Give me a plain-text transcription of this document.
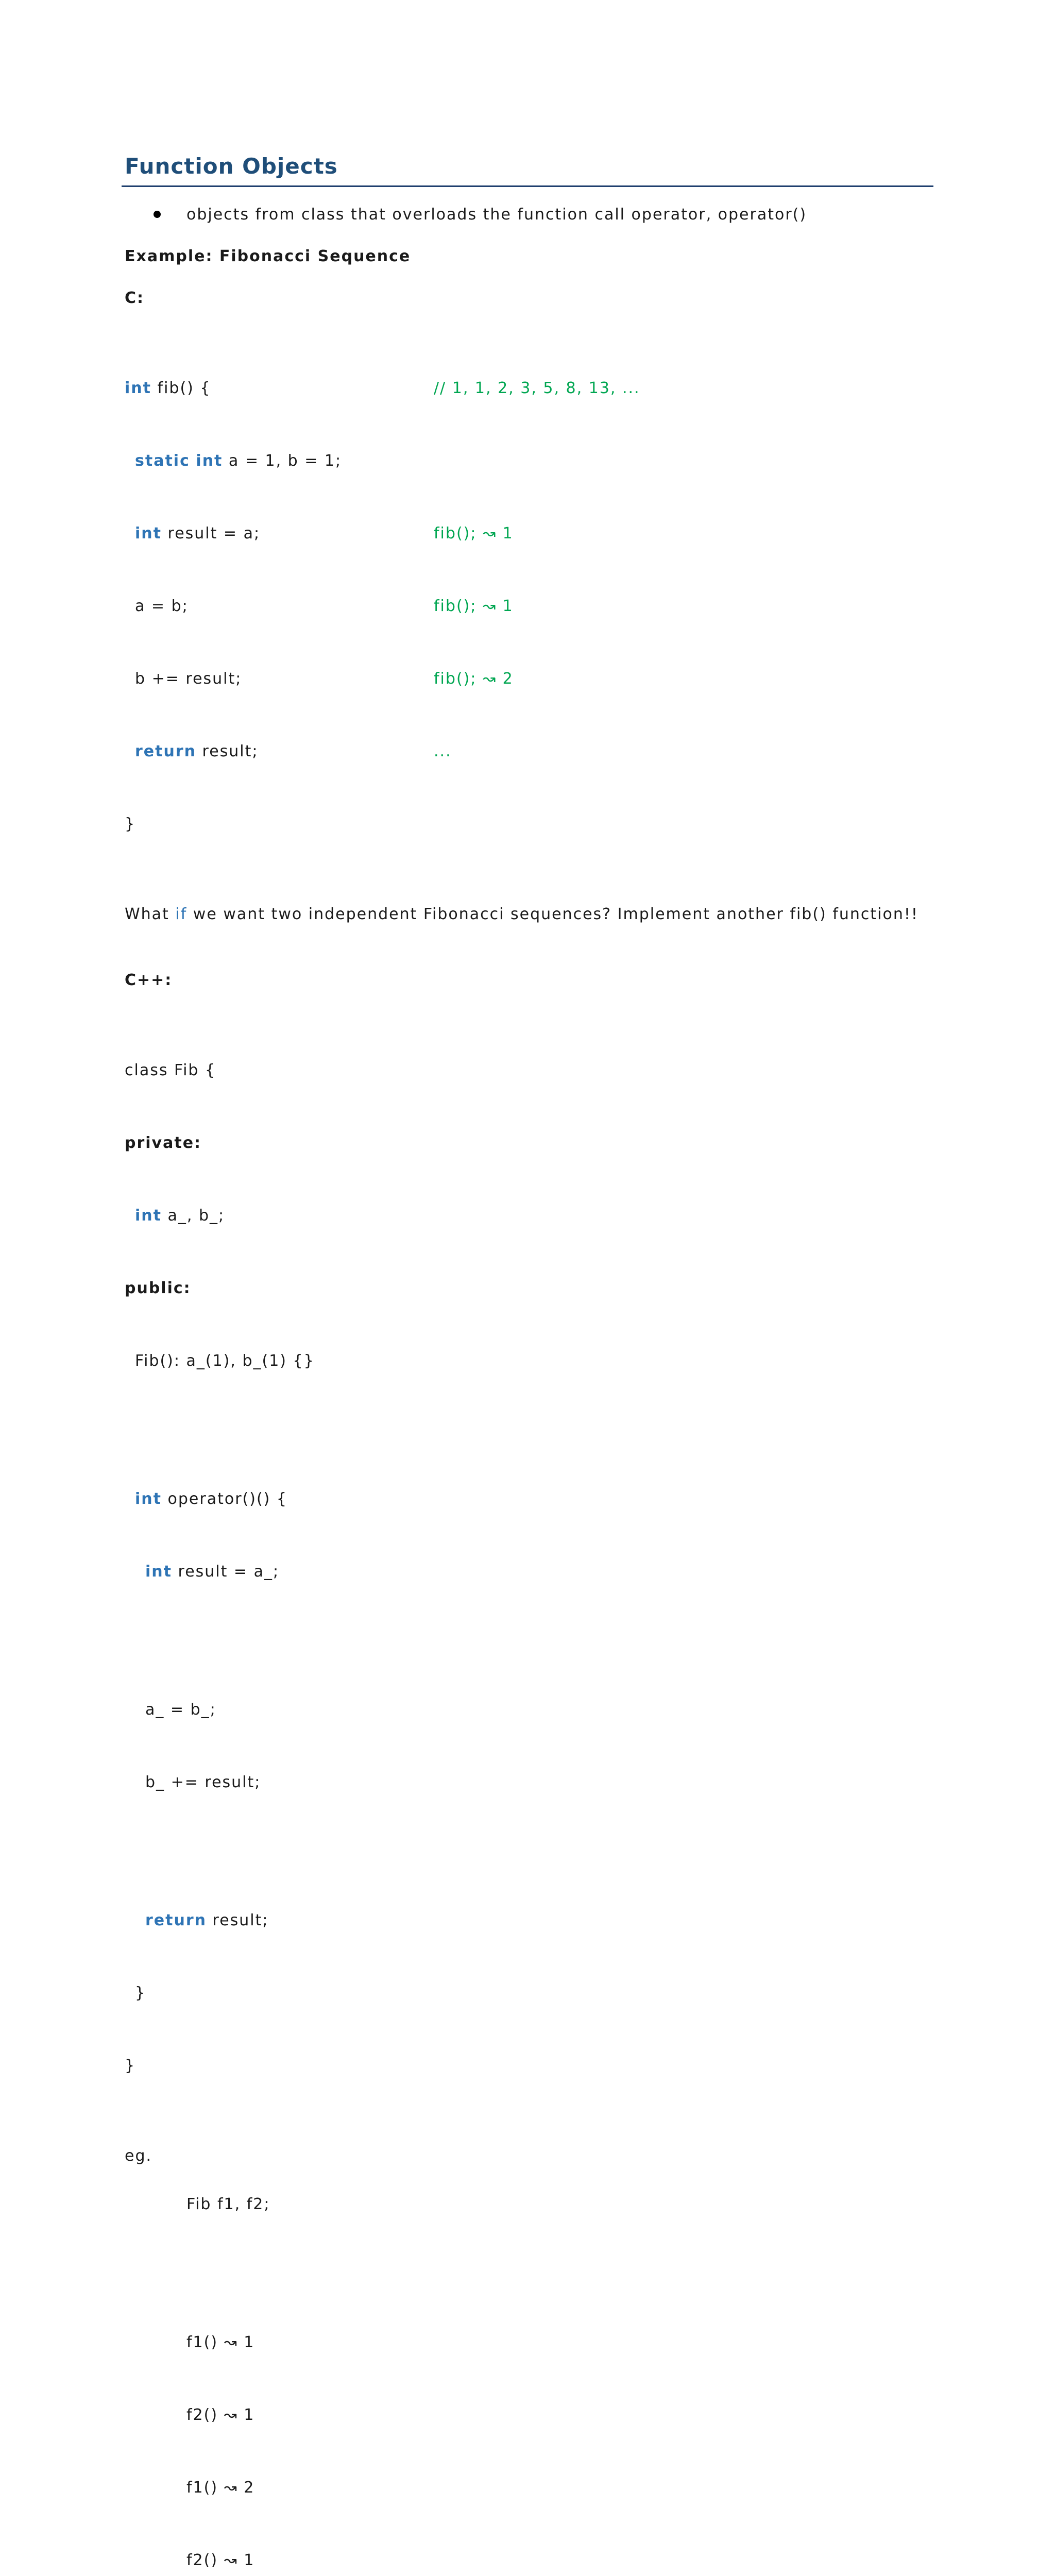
Function Objects
objects from class that overloads the function call operator, operator()
Example: Fibonacci Sequence
C:

int fib() {

static int a = 1, b = 1;

int result = a;

a = b;

b += result;

return result;

}

// 1, 1, 2, 3, 5, 8, 13, ...

fib(); ↝ 1

fib(); ↝ 1

fib(); ↝ 2

...

What if we want two independent Fibonacci sequences? Implement another fib() function!!
C++:

class Fib {

private:

int a_, b_;

public:

Fib(): a_(1), b_(1) {}

int operator()() {

int result = a_;

a_ = b_;

b_ += result;

return result;

}

}

eg.

Fib f1, f2;

f1() ↝ 1

f2() ↝ 1

f1() ↝ 2

f2() ↝ 1
